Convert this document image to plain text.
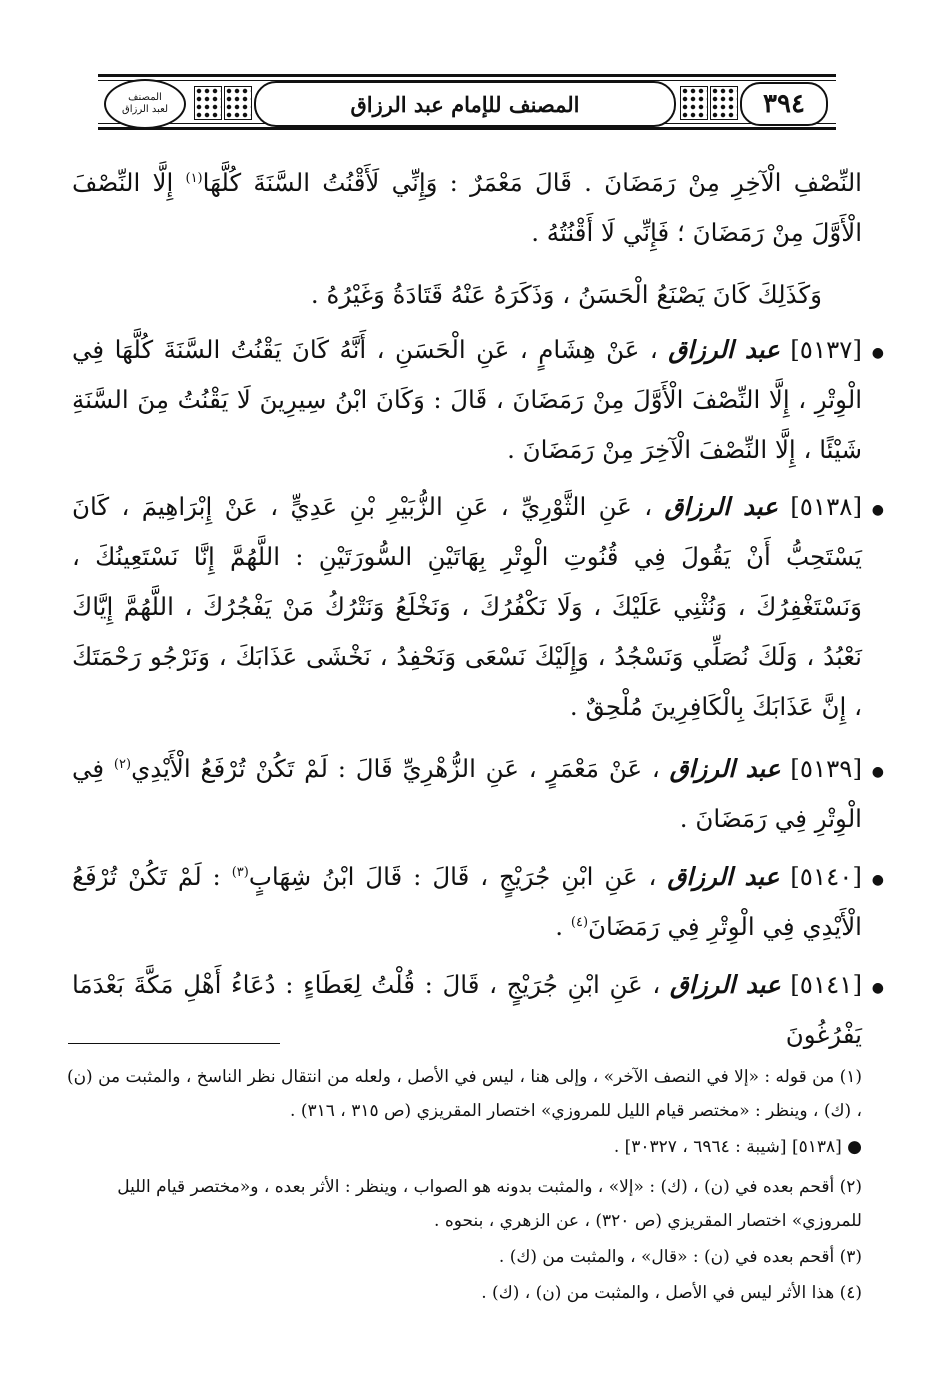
٣٩٤
المصنف للإمام عبد الرزاق
المصنف
لعبد الرزاق
النِّصْفِ الْآخِرِ مِنْ رَمَضَانَ . قَالَ مَعْمَرٌ : وَإِنِّي لَأَقْنُتُ السَّنَةَ كُلَّهَا$^{(١)}$ إِلَّا النِّصْفَ الْأَوَّلَ مِنْ رَمَضَانَ ؛ فَإِنِّي لَا أَقْنُتُهُ .
وَكَذَلِكَ كَانَ يَصْنَعُ الْحَسَنُ ، وَذَكَرَهُ عَنْهُ قَتَادَةُ وَغَيْرُهُ .
●
[٥١٣٧] عبد الرزاق ، عَنْ هِشَامٍ ، عَنِ الْحَسَنِ ، أَنَّهُ كَانَ يَقْنُتُ السَّنَةَ كُلَّهَا فِي الْوِتْرِ ، إِلَّا النِّصْفَ الْأَوَّلَ مِنْ رَمَضَانَ ، قَالَ : وَكَانَ ابْنُ سِيرِينَ لَا يَقْنُتُ مِنَ السَّنَةِ شَيْئًا ، إِلَّا النِّصْفَ الْآخِرَ مِنْ رَمَضَانَ .
●
[٥١٣٨] عبد الرزاق ، عَنِ الثَّوْرِيِّ ، عَنِ الزُّبَيْرِ بْنِ عَدِيٍّ ، عَنْ إِبْرَاهِيمَ ، كَانَ يَسْتَحِبُّ أَنْ يَقُولَ فِي قُنُوتِ الْوِتْرِ بِهَاتَيْنِ السُّورَتَيْنِ : اللَّهُمَّ إِنَّا نَسْتَعِينُكَ ، وَنَسْتَغْفِرُكَ ، وَنُثْنِي عَلَيْكَ ، وَلَا نَكْفُرُكَ ، وَنَخْلَعُ وَنَتْرُكُ مَنْ يَفْجُرُكَ ، اللَّهُمَّ إِيَّاكَ نَعْبُدُ ، وَلَكَ نُصَلِّي وَنَسْجُدُ ، وَإِلَيْكَ نَسْعَى وَنَحْفِدُ ، نَخْشَى عَذَابَكَ ، وَنَرْجُو رَحْمَتَكَ ، إِنَّ عَذَابَكَ بِالْكَافِرِينَ مُلْحِقٌ .
●
[٥١٣٩] عبد الرزاق ، عَنْ مَعْمَرٍ ، عَنِ الزُّهْرِيِّ قَالَ : لَمْ تَكُنْ تُرْفَعُ الْأَيْدِي$^{(٢)}$ فِي الْوِتْرِ فِي رَمَضَانَ .
●
[٥١٤٠] عبد الرزاق ، عَنِ ابْنِ جُرَيْجٍ ، قَالَ : قَالَ ابْنُ شِهَابٍ$^{(٣)}$ : لَمْ تَكُنْ تُرْفَعُ الْأَيْدِي فِي الْوِتْرِ فِي رَمَضَانَ$^{(٤)}$ .
●
[٥١٤١] عبد الرزاق ، عَنِ ابْنِ جُرَيْجٍ ، قَالَ : قُلْتُ لِعَطَاءٍ : دُعَاءُ أَهْلِ مَكَّةَ بَعْدَمَا يَفْرُغُونَ
(١) من قوله : «إلا في النصف الآخر» ، وإلى هنا ، ليس في الأصل ، ولعله من انتقال نظر الناسخ ، والمثبت من (ن) ، (ك) ، وينظر : «مختصر قيام الليل للمروزي» اختصار المقريزي (ص ٣١٥ ، ٣١٦) .
● [٥١٣٨] [شيبة : ٦٩٦٤ ، ٣٠٣٢٧] .
(٢) أقحم بعده في (ن) ، (ك) : «إلا» ، والمثبت بدونه هو الصواب ، وينظر : الأثر بعده ، و«مختصر قيام الليل للمروزي» اختصار المقريزي (ص ٣٢٠) ، عن الزهري ، بنحوه .
(٣) أقحم بعده في (ن) : «قال» ، والمثبت من (ك) .
(٤) هذا الأثر ليس في الأصل ، والمثبت من (ن) ، (ك) .
